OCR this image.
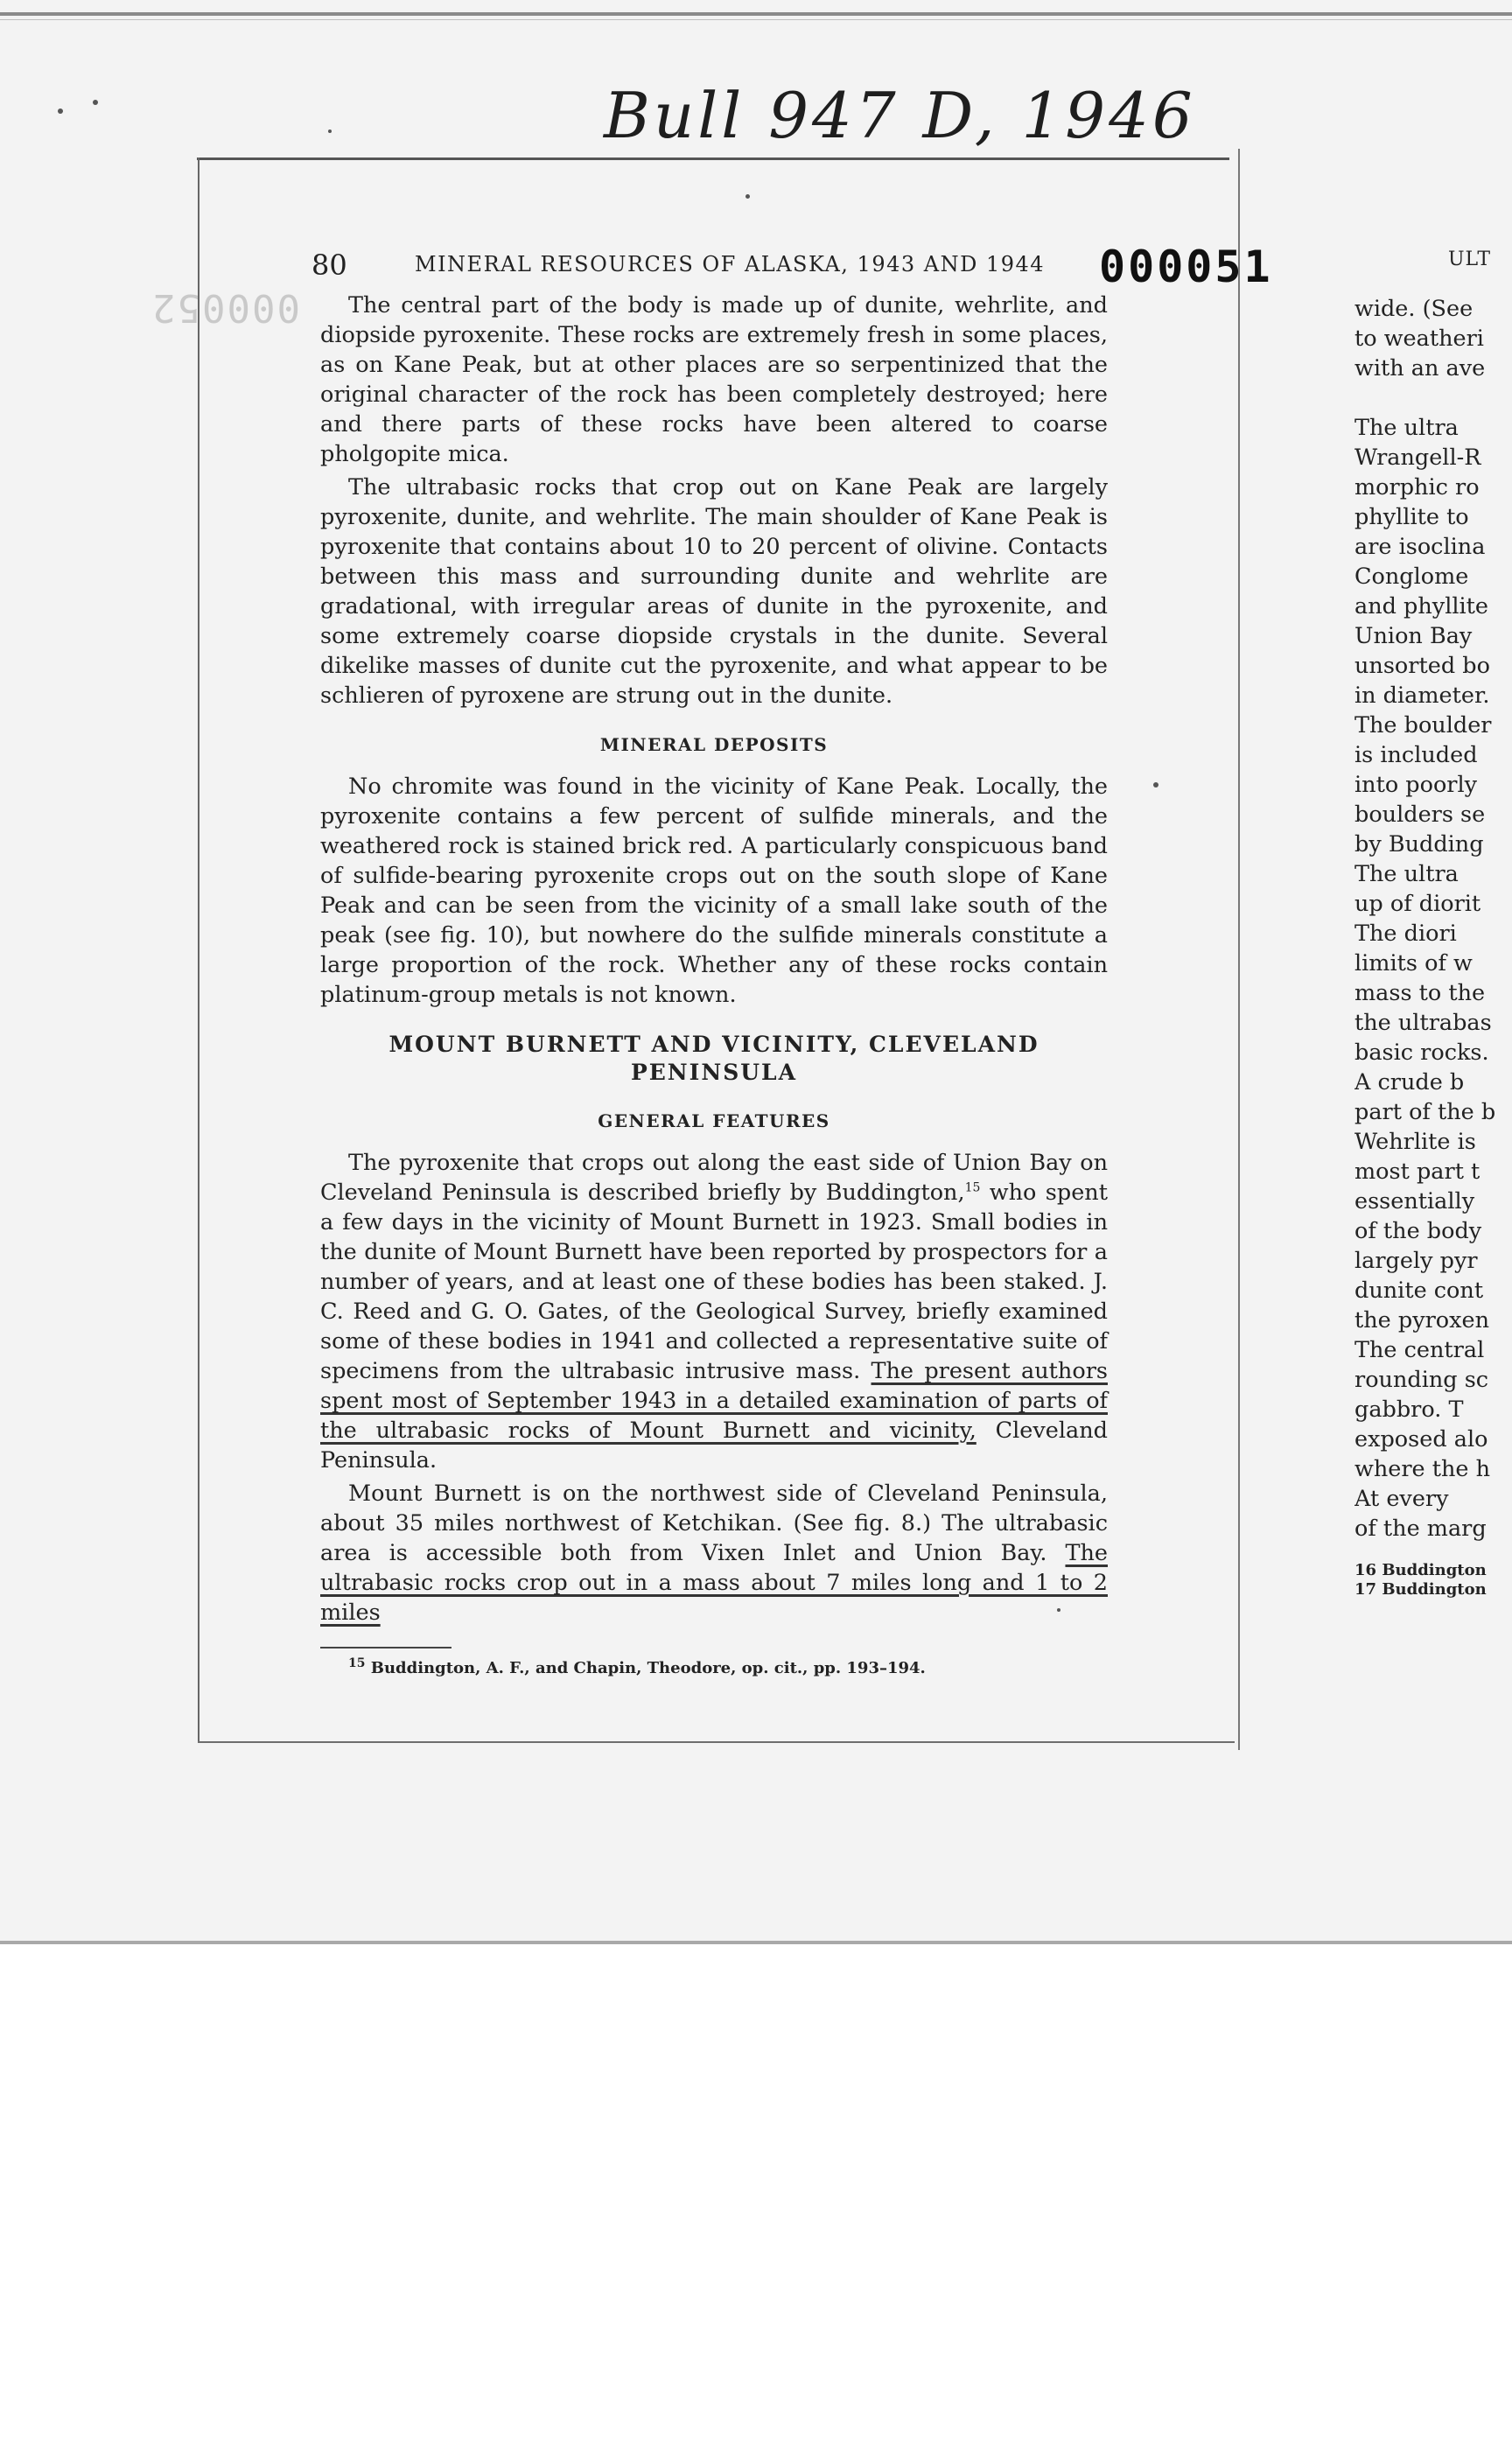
Bull 947 D, 1946
000052
80	MINERAL RESOURCES OF ALASKA, 1943 AND 1944 000051

The central part of the body is made up of dunite, wehrlite, and diopside pyroxenite. These rocks are extremely fresh in some places, as on Kane Peak, but at other places are so serpentinized that the original character of the rock has been completely destroyed; here and there parts of these rocks have been altered to coarse pholgopite mica.

The ultrabasic rocks that crop out on Kane Peak are largely pyroxenite, dunite, and wehrlite. The main shoulder of Kane Peak is pyroxenite that contains about 10 to 20 percent of olivine. Contacts between this mass and surrounding dunite and wehrlite are gradational, with irregular areas of dunite in the pyroxenite, and some extremely coarse diopside crystals in the dunite. Several dikelike masses of dunite cut the pyroxenite, and what appear to be schlieren of pyroxene are strung out in the dunite.

MINERAL DEPOSITS

No chromite was found in the vicinity of Kane Peak. Locally, the pyroxenite contains a few percent of sulfide minerals, and the weathered rock is stained brick red. A particularly conspicuous band of sulfide-bearing pyroxenite crops out on the south slope of Kane Peak and can be seen from the vicinity of a small lake south of the peak (see fig. 10), but nowhere do the sulfide minerals constitute a large proportion of the rock. Whether any of these rocks contain platinum-group metals is not known.

MOUNT BURNETT AND VICINITY, CLEVELAND
PENINSULA
GENERAL FEATURES

The pyroxenite that crops out along the east side of Union Bay on Cleveland Peninsula is described briefly by Buddington,$^{15}$ who spent a few days in the vicinity of Mount Burnett in 1923. Small bodies in the dunite of Mount Burnett have been reported by prospectors for a number of years, and at least one of these bodies has been staked. J. C. Reed and G. O. Gates, of the Geological Survey, briefly examined some of these bodies in 1941 and collected a representative suite of specimens from the ultrabasic intrusive mass. The present authors spent most of September 1943 in a detailed examination of parts of the ultrabasic rocks of Mount Burnett and vicinity, Cleveland Peninsula.

Mount Burnett is on the northwest side of Cleveland Peninsula, about 35 miles northwest of Ketchikan. (See fig. 8.) The ultrabasic area is accessible both from Vixen Inlet and Union Bay. The ultrabasic rocks crop out in a mass about 7 miles long and 1 to 2 miles

$^{15}$ Buddington, A. F., and Chapin, Theodore, op. cit., pp. 193–194.
ULT
wide. (See
to weatheri
with an ave
The ultra
Wrangell-R
morphic ro
phyllite to
are isoclina
Conglome
and phyllite
Union Bay
unsorted bo
in diameter.
The boulder
is included
into poorly
boulders se
by Budding
The ultra
up of diorit
The diori
limits of w
mass to the
the ultrabas
basic rocks.
A crude b
part of the b
Wehrlite is
most part t
essentially
of the body
largely pyr
dunite cont
the pyroxen
The central
rounding sc
gabbro. T
exposed alo
where the h
At every
of the marg
16 Buddington
17 Buddington
